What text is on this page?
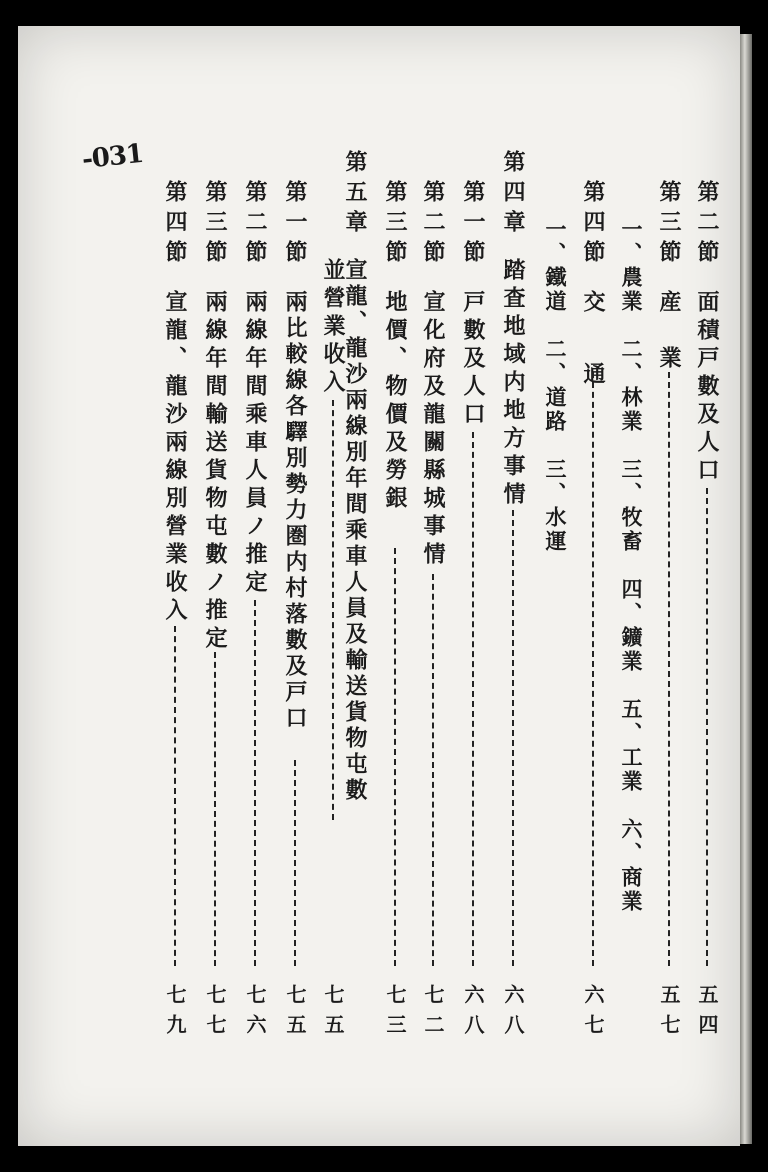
-031
第二節
面積戸數及人口
五四
第三節
産　業
五七
一、農業　二、林業　三、牧畜　四、鑛業　五、工業　六、商業
第四節
交　通
六七
一、鐵道　二、道路　三、水運
第四章
踏査地域内地方事情
六八
第一節
戸數及人口
六八
第二節
宣化府及龍關縣城事情
七二
第三節
地價、物價及勞銀
七三
第五章
宣龍、龍沙兩線別年間乘車人員及輸送貨物屯數
並營業收入
七五
第一節
兩比較線各驛別勢力圏内村落數及戸口
七五
第二節
兩線年間乘車人員ノ推定
七六
第三節
兩線年間輸送貨物屯數ノ推定
七七
第四節
宣龍、龍沙兩線別營業收入
七九
